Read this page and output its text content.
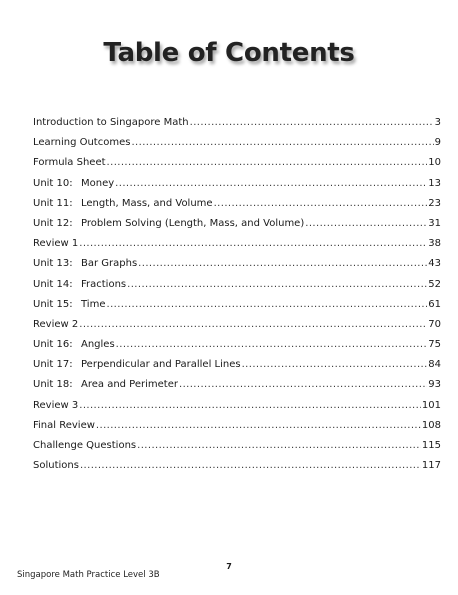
Table of Contents
Introduction to Singapore Math .....	3
Learning Outcomes .....	9
Formula Sheet .....	10
Unit 10: Money .....	13
Unit 11: Length, Mass, and Volume .....	23
Unit 12: Problem Solving (Length, Mass, and Volume) .....	31
Review 1 .....	38
Unit 13: Bar Graphs .....	43
Unit 14: Fractions .....	52
Unit 15: Time .....	61
Review 2 .....	70
Unit 16: Angles .....	75
Unit 17: Perpendicular and Parallel Lines .....	84
Unit 18: Area and Perimeter .....	93
Review 3 .....	101
Final Review .....	108
Challenge Questions .....	115
Solutions .....	117
7
Singapore Math Practice Level 3B
